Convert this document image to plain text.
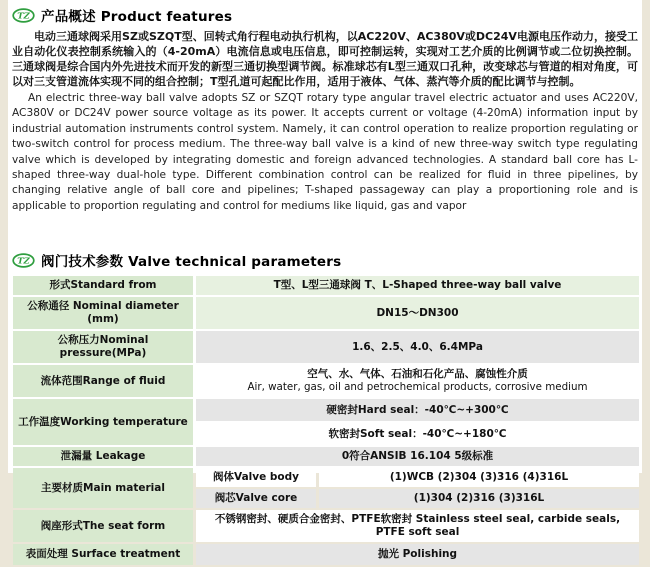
TZ 产品概述 Product features

电动三通球阀采用SZ或SZQT型、回转式角行程电动执行机构，以AC220V、AC380V或DC24V电源电压作动力，接受工业自动化仪表控制系统输入的（4-20mA）电流信息或电压信息，即可控制运转，实现对工艺介质的比例调节或二位切换控制。三通球阀是综合国内外先进技术而开发的新型三通切换型调节阀。标准球芯有L型三通双口孔种，改变球芯与管道的相对角度，可以对三支管道流体实现不同的组合控制；T型孔道可起配比作用，适用于液体、气体、蒸汽等介质的配比调节与控制。

An electric three-way ball valve adopts SZ or SZQT rotary type angular travel electric actuator and uses AC220V, AC380V or DC24V power source voltage as its power. It accepts current or voltage (4-20mA) information input by industrial automation instruments control system. Namely, it can control operation to realize proportion regulating or two-switch control for process medium. The three-way ball valve is a kind of new three-way switch type regulating valve which is developed by integrating domestic and foreign advanced technologies. A standard ball core has L-shaped three-way dual-hole type. Different combination control can be realized for fluid in three pipelines, by changing relative angle of ball core and pipelines; T-shaped passageway can play a proportioning role and is applicable to proportion regulating and control for mediums like liquid, gas and vapor

TZ 阀门技术参数 Valve technical parameters
形式Standard from	T型、L型三通球阀 T、L-Shaped three-way ball valve	
公称通径 Nominal diameter (mm)	DN15～DN300	
公称压力Nominal pressure(MPa)	1.6、2.5、4.0、6.4MPa	
流体范围Range of fluid	空气、水、气体、石油和石化产品、腐蚀性介质
Air, water, gas, oil and petrochemical products, corrosive medium	

工作温度Working temperature	硬密封Hard seal：-40℃~+300℃	
	软密封Soft seal：-40℃~+180℃	
泄漏量 Leakage	0符合ANSIB 16.104 5级标准	
主要材质Main material	阀体Valve body	(1)WCB (2)304 (3)316 (4)316L
	阀芯Valve core	(1)304 (2)316 (3)316L
阀座形式The seat form	不锈钢密封、硬质合金密封、PTFE软密封 Stainless steel seal, carbide seals, PTFE soft seal	
表面处理 Surface treatment	抛光 Polishing	
